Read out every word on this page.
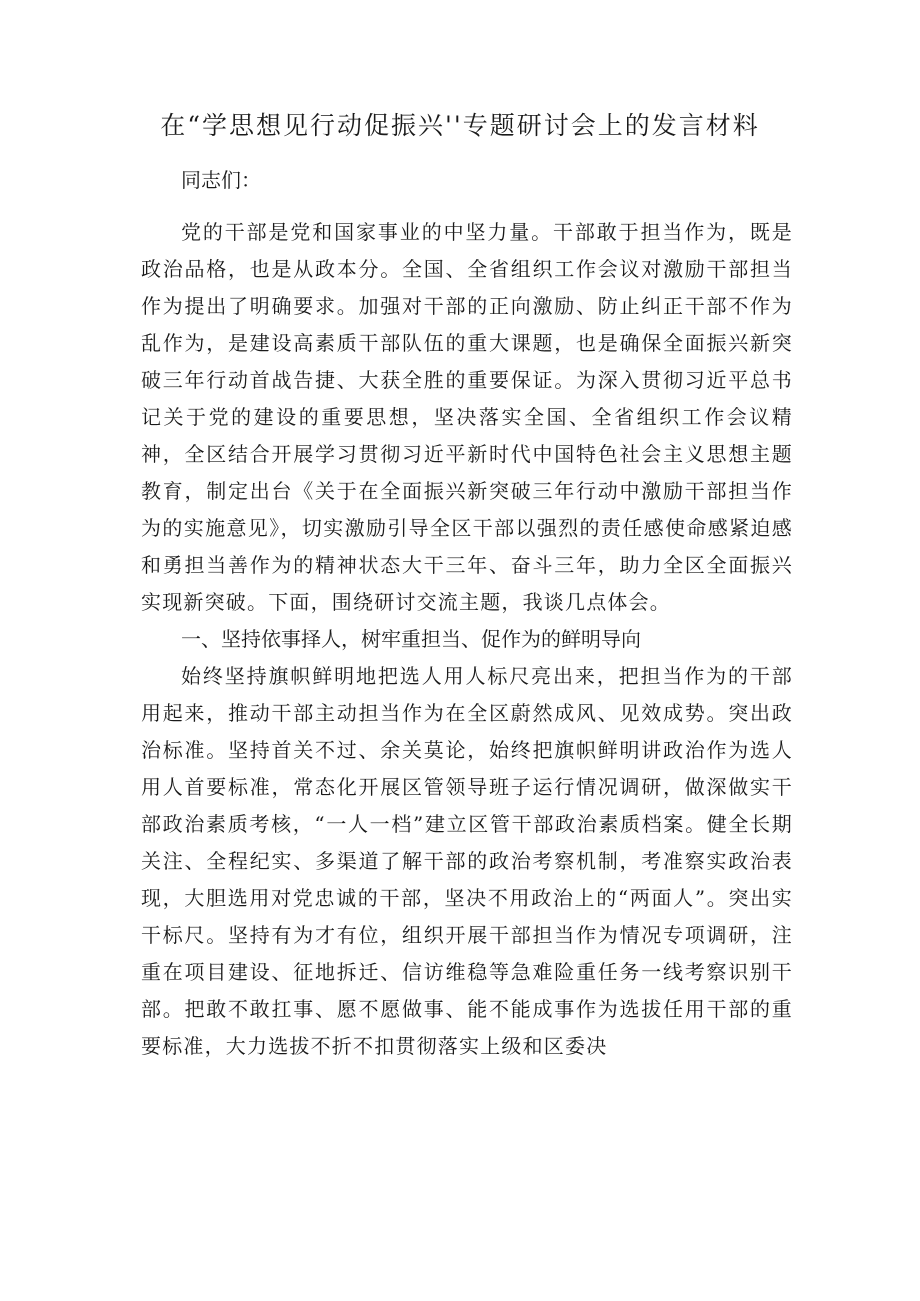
在“学思想见行动促振兴''专题研讨会上的发言材料

同志们：

党的干部是党和国家事业的中坚力量。干部敢于担当作为，既是政治品格，也是从政本分。全国、全省组织工作会议对激励干部担当作为提出了明确要求。加强对干部的正向激励、防止纠正干部不作为乱作为，是建设高素质干部队伍的重大课题，也是确保全面振兴新突破三年行动首战告捷、大获全胜的重要保证。为深入贯彻习近平总书记关于党的建设的重要思想，坚决落实全国、全省组织工作会议精神，全区结合开展学习贯彻习近平新时代中国特色社会主义思想主题教育，制定出台《关于在全面振兴新突破三年行动中激励干部担当作为的实施意见》，切实激励引导全区干部以强烈的责任感使命感紧迫感和勇担当善作为的精神状态大干三年、奋斗三年，助力全区全面振兴实现新突破。下面，围绕研讨交流主题，我谈几点体会。

一、坚持依事择人，树牢重担当、促作为的鲜明导向

始终坚持旗帜鲜明地把选人用人标尺亮出来，把担当作为的干部用起来，推动干部主动担当作为在全区蔚然成风、见效成势。突出政治标准。坚持首关不过、余关莫论，始终把旗帜鲜明讲政治作为选人用人首要标准，常态化开展区管领导班子运行情况调研，做深做实干部政治素质考核，“一人一档”建立区管干部政治素质档案。健全长期关注、全程纪实、多渠道了解干部的政治考察机制，考准察实政治表现，大胆选用对党忠诚的干部，坚决不用政治上的“两面人”。突出实干标尺。坚持有为才有位，组织开展干部担当作为情况专项调研，注重在项目建设、征地拆迁、信访维稳等急难险重任务一线考察识别干部。把敢不敢扛事、愿不愿做事、能不能成事作为选拔任用干部的重要标准，大力选拔不折不扣贯彻落实上级和区委决
